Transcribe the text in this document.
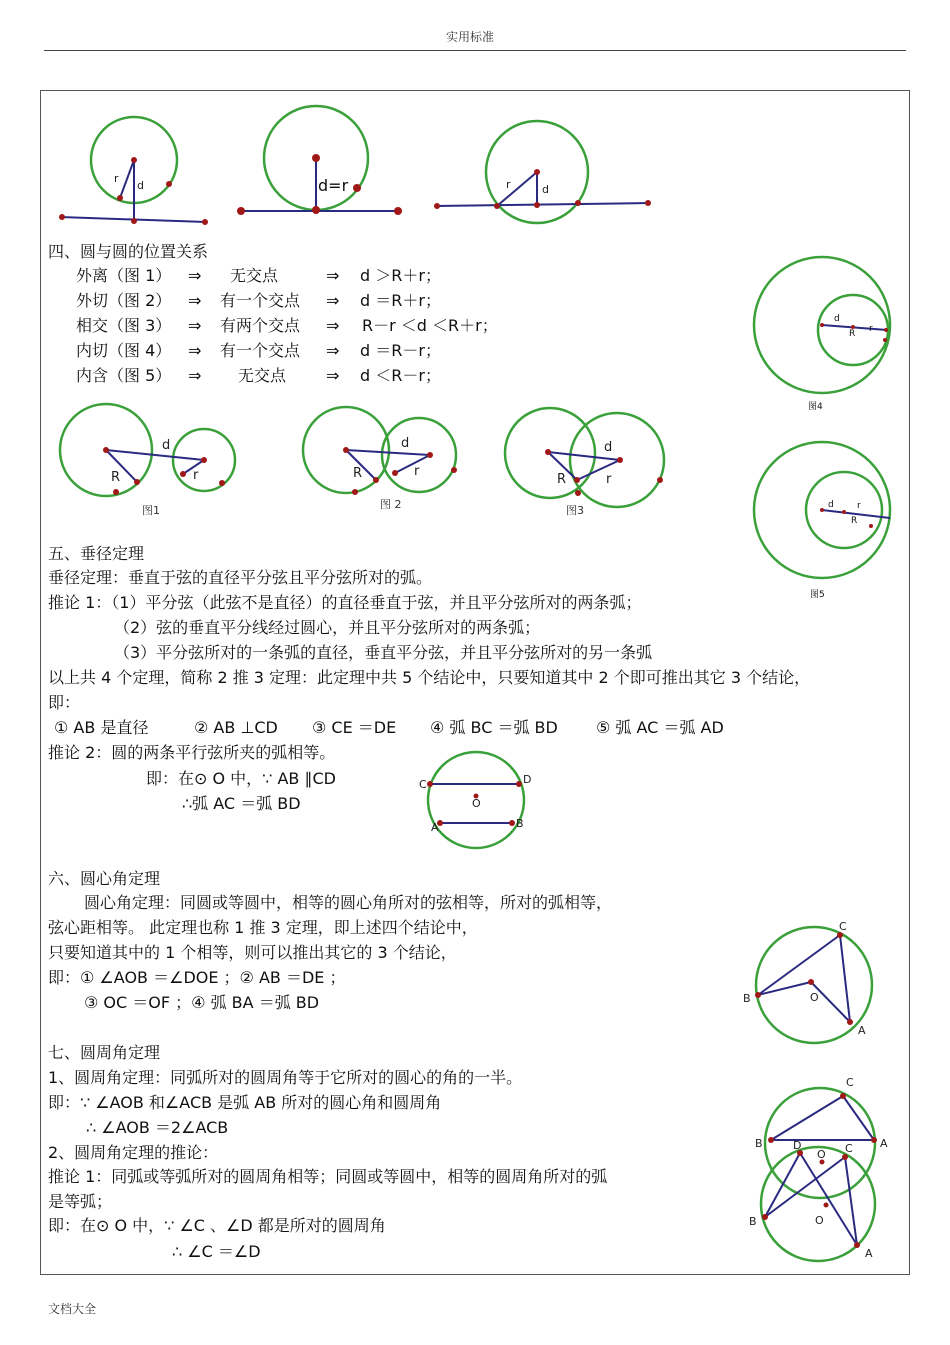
实用标准
文档大全
r
d	d=r	r	d
d
R r
图4
d	r
R
图5
d
R	r
图1
d
R	r
图 2
d
R	r
图3
C	D
O
A	B
C
B	O
A
C
B	D	A
O C
B	O
A
四、圆与圆的位置关系
外离（图 1） ⇒ 无交点	⇒ d ＞R＋r；
外切（图 2） ⇒ 有一个交点 ⇒ d ＝R＋r；
相交（图 3） ⇒ 有两个交点 ⇒ R－r ＜d ＜R＋r；
内切（图 4） ⇒ 有一个交点 ⇒ d ＝R－r；
内含（图 5） ⇒ 无交点 ⇒ d ＜R－r；
五、垂径定理
垂径定理：垂直于弦的直径平分弦且平分弦所对的弧。
推论 1：（1）平分弦（此弦不是直径）的直径垂直于弦，并且平分弦所对的两条弧；
（2）弦的垂直平分线经过圆心，并且平分弦所对的两条弧；
（3）平分弦所对的一条弧的直径，垂直平分弦，并且平分弦所对的另一条弧
以上共 4 个定理，简称 2 推 3 定理：此定理中共 5 个结论中，只要知道其中 2 个即可推出其它 3 个结论，
即：
① AB 是直径	② AB ⊥CD ③ CE ＝DE ④ 弧 BC ＝弧 BD ⑤ 弧 AC ＝弧 AD
推论 2：圆的两条平行弦所夹的弧相等。
即：在⊙ O 中，∵ AB ∥CD
∴弧 AC ＝弧 BD
六、圆心角定理
圆心角定理：同圆或等圆中，相等的圆心角所对的弦相等，所对的弧相等，
弦心距相等。 此定理也称 1 推 3 定理，即上述四个结论中，
只要知道其中的 1 个相等，则可以推出其它的 3 个结论，
即：① ∠AOB ＝∠DOE ；② AB ＝DE ；
③ OC ＝OF ；④ 弧 BA ＝弧 BD
七、圆周角定理
1、圆周角定理：同弧所对的圆周角等于它所对的圆心的角的一半。
即：∵ ∠AOB 和∠ACB 是弧 AB 所对的圆心角和圆周角
∴ ∠AOB ＝2∠ACB
2、圆周角定理的推论：
推论 1：同弧或等弧所对的圆周角相等；同圆或等圆中，相等的圆周角所对的弧
是等弧；
即：在⊙ O 中，∵ ∠C 、∠D 都是所对的圆周角
∴ ∠C ＝∠D
